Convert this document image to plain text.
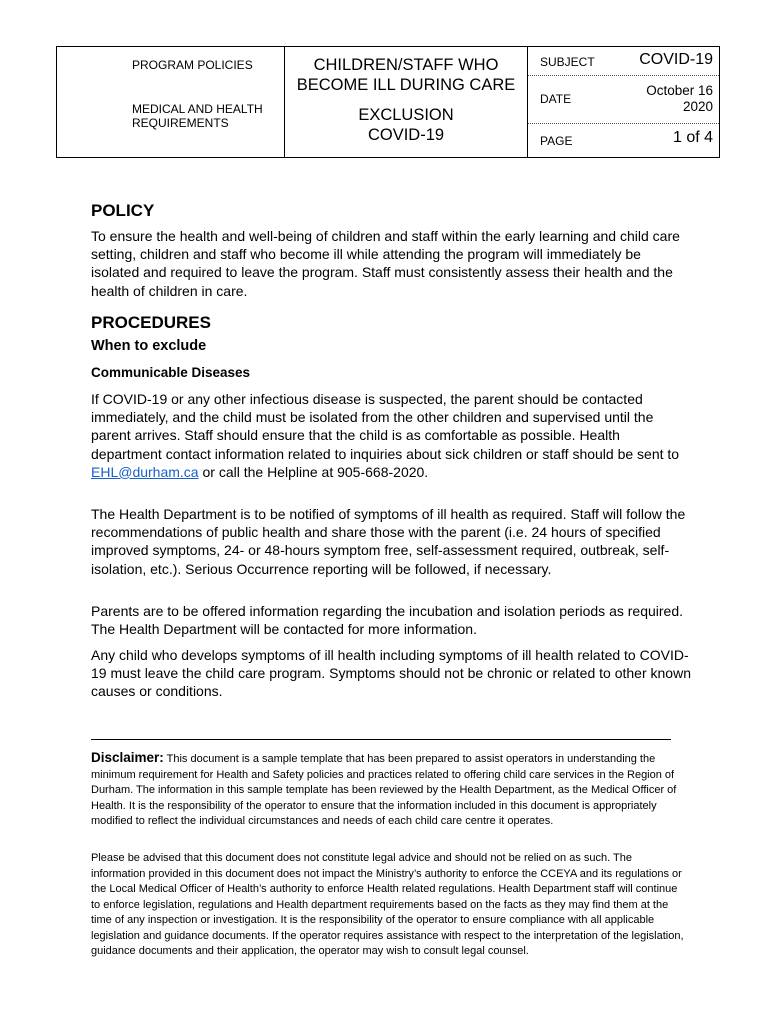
PROGRAM POLICIES
MEDICAL AND HEALTH REQUIREMENTS
CHILDREN/STAFF WHO
BECOME ILL DURING CARE
EXCLUSION
COVID-19
SUBJECT	COVID-19
DATE
October 16
2020
PAGE	1 of 4
POLICY
To ensure the health and well-being of children and staff within the early learning and child care setting, children and staff who become ill while attending the program will immediately be isolated and required to leave the program. Staff must consistently assess their health and the health of children in care.
PROCEDURES
When to exclude
Communicable Diseases
If COVID-19 or any other infectious disease is suspected, the parent should be contacted immediately, and the child must be isolated from the other children and supervised until the parent arrives. Staff should ensure that the child is as comfortable as possible. Health department contact information related to inquiries about sick children or staff should be sent to EHL@durham.ca or call the Helpline at 905-668-2020.
The Health Department is to be notified of symptoms of ill health as required. Staff will follow the recommendations of public health and share those with the parent (i.e. 24 hours of specified improved symptoms, 24- or 48-hours symptom free, self-assessment required, outbreak, self-isolation, etc.). Serious Occurrence reporting will be followed, if necessary.
Parents are to be offered information regarding the incubation and isolation periods as required. The Health Department will be contacted for more information.
Any child who develops symptoms of ill health including symptoms of ill health related to COVID-19 must leave the child care program. Symptoms should not be chronic or related to other known causes or conditions.
Disclaimer: This document is a sample template that has been prepared to assist operators in understanding the minimum requirement for Health and Safety policies and practices related to offering child care services in the Region of Durham. The information in this sample template has been reviewed by the Health Department, as the Medical Officer of Health. It is the responsibility of the operator to ensure that the information included in this document is appropriately modified to reflect the individual circumstances and needs of each child care centre it operates.
Please be advised that this document does not constitute legal advice and should not be relied on as such. The information provided in this document does not impact the Ministry’s authority to enforce the CCEYA and its regulations or the Local Medical Officer of Health’s authority to enforce Health related regulations. Health Department staff will continue to enforce legislation, regulations and Health department requirements based on the facts as they may find them at the time of any inspection or investigation. It is the responsibility of the operator to ensure compliance with all applicable legislation and guidance documents. If the operator requires assistance with respect to the interpretation of the legislation, guidance documents and their application, the operator may wish to consult legal counsel.
